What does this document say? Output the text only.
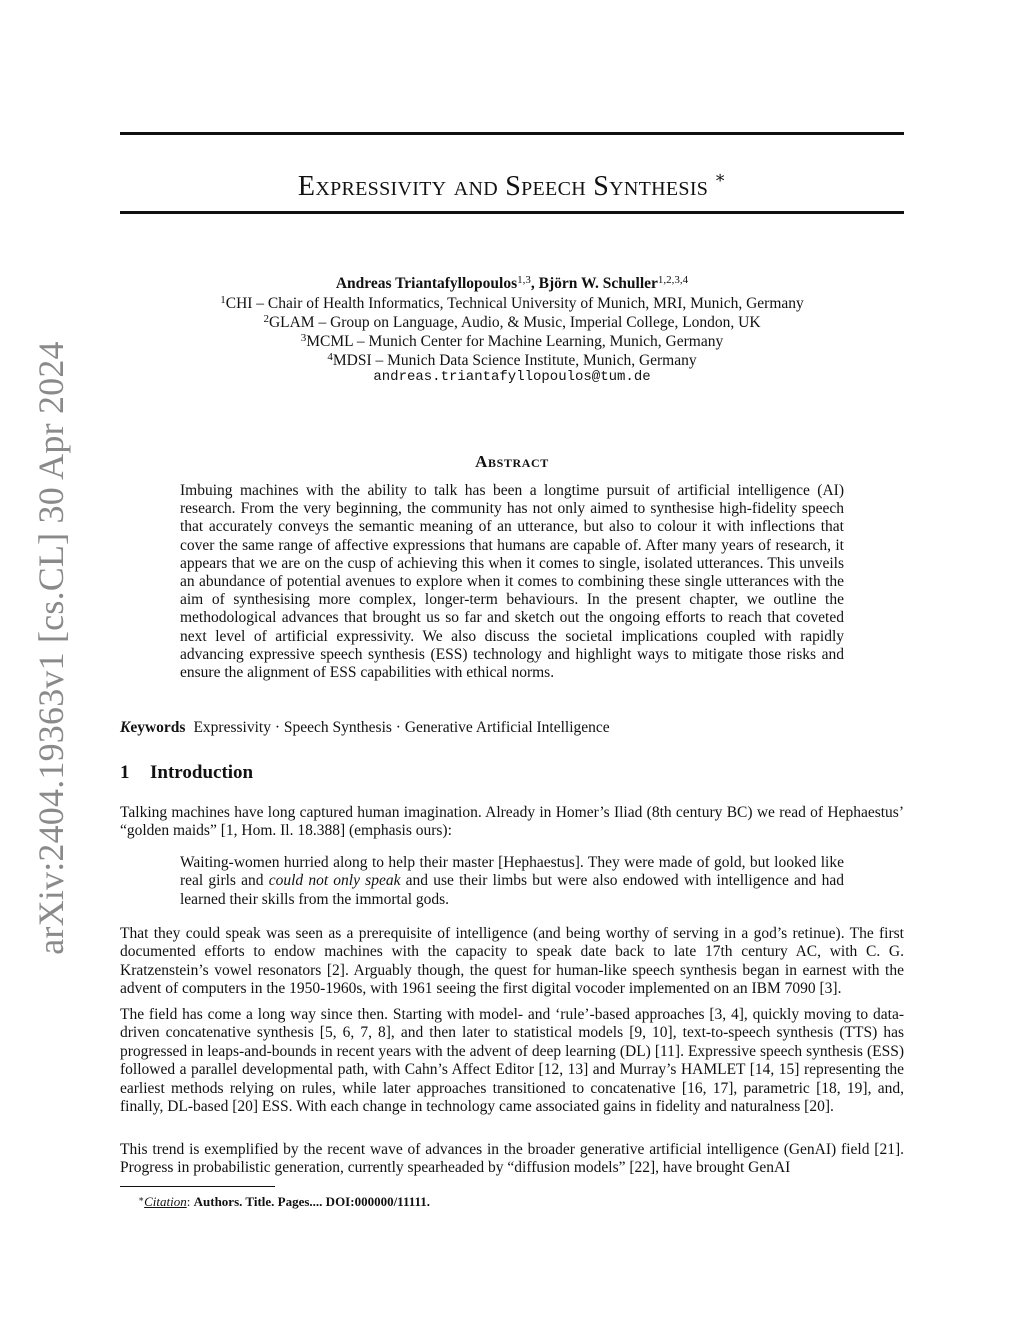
arXiv:2404.19363v1 [cs.CL] 30 Apr 2024
Expressivity and Speech Synthesis ∗
Andreas Triantafyllopoulos$^{1,3}$, Björn W. Schuller$^{1,2,3,4}$
$^1$CHI – Chair of Health Informatics, Technical University of Munich, MRI, Munich, Germany
$^2$GLAM – Group on Language, Audio, & Music, Imperial College, London, UK
$^3$MCML – Munich Center for Machine Learning, Munich, Germany
$^4$MDSI – Munich Data Science Institute, Munich, Germany
andreas.triantafyllopoulos@tum.de
Abstract
Imbuing machines with the ability to talk has been a longtime pursuit of artificial intelligence (AI) research. From the very beginning, the community has not only aimed to synthesise high-fidelity speech that accurately conveys the semantic meaning of an utterance, but also to colour it with inflections that cover the same range of affective expressions that humans are capable of. After many years of research, it appears that we are on the cusp of achieving this when it comes to single, isolated utterances. This unveils an abundance of potential avenues to explore when it comes to combining these single utterances with the aim of synthesising more complex, longer-term behaviours. In the present chapter, we outline the methodological advances that brought us so far and sketch out the ongoing efforts to reach that coveted next level of artificial expressivity. We also discuss the societal implications coupled with rapidly advancing expressive speech synthesis (ESS) technology and highlight ways to mitigate those risks and ensure the alignment of ESS capabilities with ethical norms.
Keywords Expressivity · Speech Synthesis · Generative Artificial Intelligence
1 Introduction
Talking machines have long captured human imagination. Already in Homer’s Iliad (8th century BC) we read of Hephaestus’ “golden maids” [1, Hom. Il. 18.388] (emphasis ours):
Waiting-women hurried along to help their master [Hephaestus]. They were made of gold, but looked like real girls and could not only speak and use their limbs but were also endowed with intelligence and had learned their skills from the immortal gods.
That they could speak was seen as a prerequisite of intelligence (and being worthy of serving in a god’s retinue). The first documented efforts to endow machines with the capacity to speak date back to late 17th century AC, with C. G. Kratzenstein’s vowel resonators [2]. Arguably though, the quest for human-like speech synthesis began in earnest with the advent of computers in the 1950-1960s, with 1961 seeing the first digital vocoder implemented on an IBM 7090 [3].
The field has come a long way since then. Starting with model- and ‘rule’-based approaches [3, 4], quickly moving to data-driven concatenative synthesis [5, 6, 7, 8], and then later to statistical models [9, 10], text-to-speech synthesis (TTS) has progressed in leaps-and-bounds in recent years with the advent of deep learning (DL) [11]. Expressive speech synthesis (ESS) followed a parallel developmental path, with Cahn’s Affect Editor [12, 13] and Murray’s HAMLET [14, 15] representing the earliest methods relying on rules, while later approaches transitioned to concatenative [16, 17], parametric [18, 19], and, finally, DL-based [20] ESS. With each change in technology came associated gains in fidelity and naturalness [20].
This trend is exemplified by the recent wave of advances in the broader generative artificial intelligence (GenAI) field [21]. Progress in probabilistic generation, currently spearheaded by “diffusion models” [22], have brought GenAI
∗Citation: Authors. Title. Pages.... DOI:000000/11111.
